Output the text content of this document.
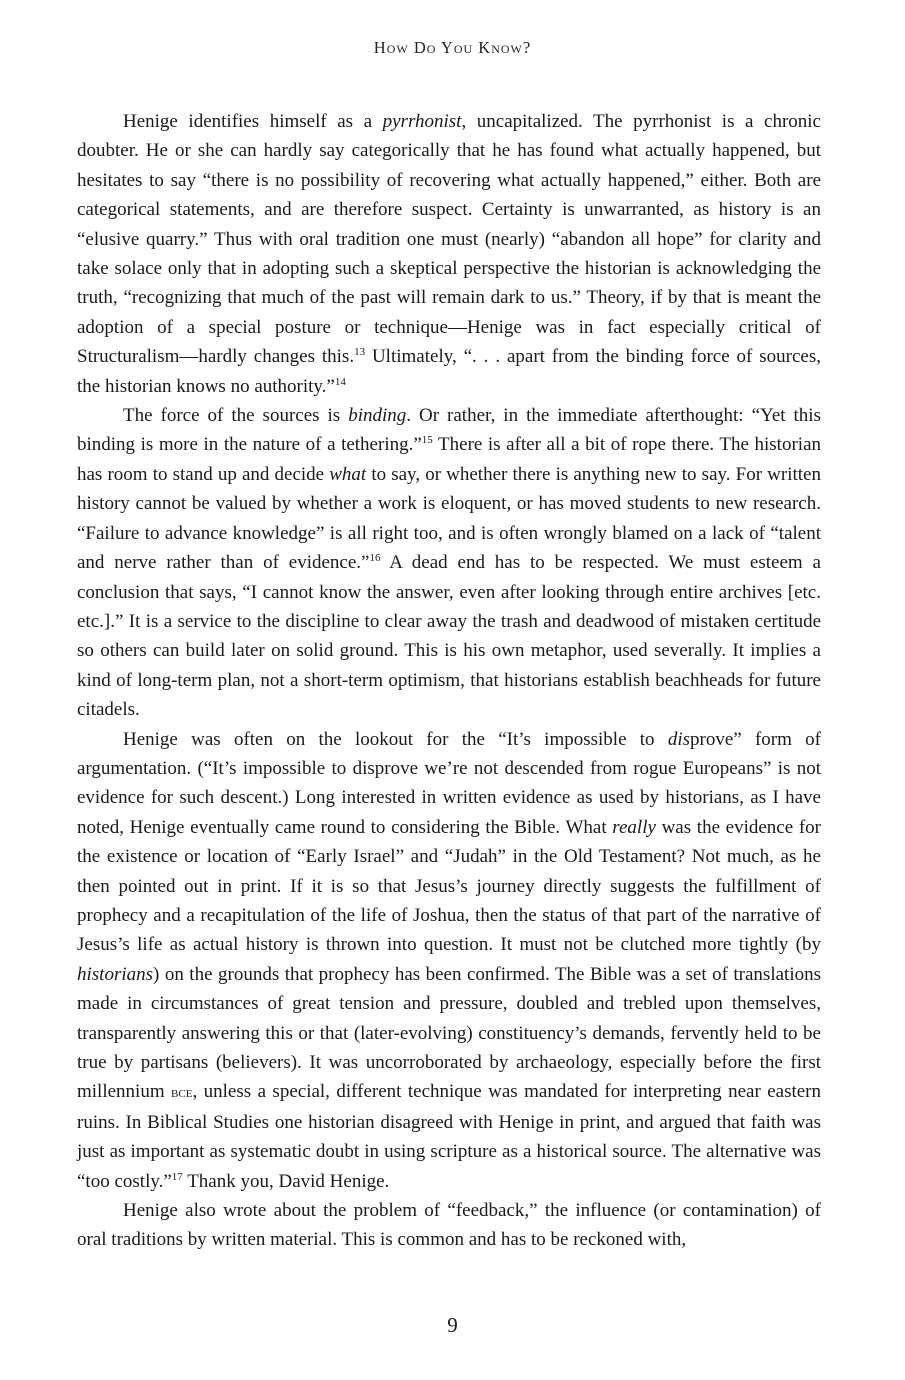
How Do You Know?

Henige identifies himself as a pyrrhonist, uncapitalized. The pyrrhonist is a chronic doubter. He or she can hardly say categorically that he has found what actually happened, but hesitates to say “there is no possibility of recovering what actually happened,” either. Both are categorical statements, and are therefore suspect. Certainty is unwarranted, as history is an “elusive quarry.” Thus with oral tradition one must (nearly) “abandon all hope” for clarity and take solace only that in adopting such a skeptical perspective the historian is acknowledging the truth, “recognizing that much of the past will remain dark to us.” Theory, if by that is meant the adoption of a special posture or technique—Henige was in fact especially critical of Structuralism—hardly changes this.$^{13}$ Ultimately, “. . . apart from the binding force of sources, the historian knows no authority.”$^{14}$

The force of the sources is binding. Or rather, in the immediate afterthought: “Yet this binding is more in the nature of a tethering.”$^{15}$ There is after all a bit of rope there. The historian has room to stand up and decide what to say, or whether there is anything new to say. For written history cannot be valued by whether a work is eloquent, or has moved students to new research. “Failure to advance knowledge” is all right too, and is often wrongly blamed on a lack of “talent and nerve rather than of evidence.”$^{16}$ A dead end has to be respected. We must esteem a conclusion that says, “I cannot know the answer, even after looking through entire archives [etc. etc.].” It is a service to the discipline to clear away the trash and deadwood of mistaken certitude so others can build later on solid ground. This is his own metaphor, used severally. It implies a kind of long-term plan, not a short-term optimism, that historians establish beachheads for future citadels.

Henige was often on the lookout for the “It’s impossible to disprove” form of argumentation. (“It’s impossible to disprove we’re not descended from rogue Europeans” is not evidence for such descent.) Long interested in written evidence as used by historians, as I have noted, Henige eventually came round to considering the Bible. What really was the evidence for the existence or location of “Early Israel” and “Judah” in the Old Testament? Not much, as he then pointed out in print. If it is so that Jesus’s journey directly suggests the fulfillment of prophecy and a recapitulation of the life of Joshua, then the status of that part of the narrative of Jesus’s life as actual history is thrown into question. It must not be clutched more tightly (by historians) on the grounds that prophecy has been confirmed. The Bible was a set of translations made in circumstances of great tension and pressure, doubled and trebled upon themselves, transparently answering this or that (later-evolving) constituency’s demands, fervently held to be true by partisans (believers). It was uncorroborated by archaeology, especially before the first millennium bce, unless a special, different technique was mandated for interpreting near eastern ruins. In Biblical Studies one historian disagreed with Henige in print, and argued that faith was just as important as systematic doubt in using scripture as a historical source. The alternative was “too costly.”$^{17}$ Thank you, David Henige.

Henige also wrote about the problem of “feedback,” the influence (or contamination) of oral traditions by written material. This is common and has to be reckoned with,

9
